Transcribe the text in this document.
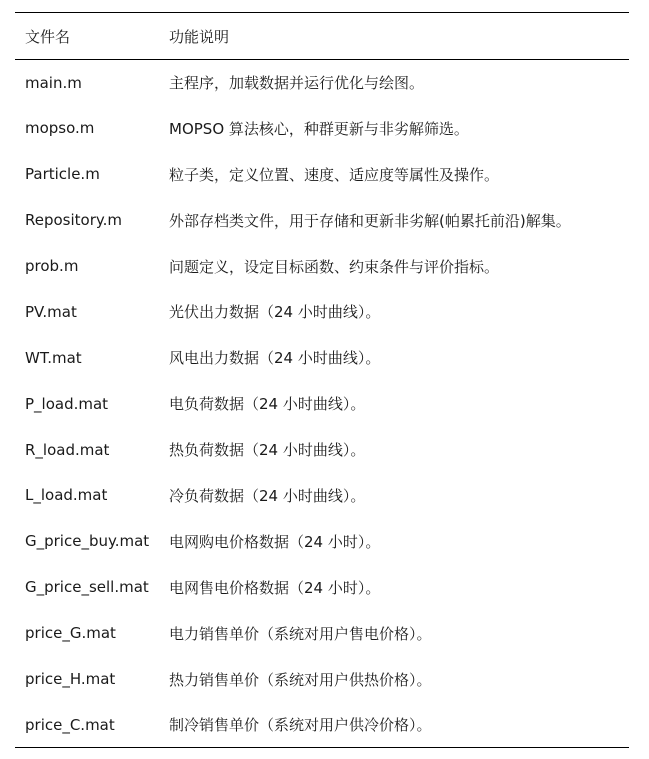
文件名	功能说明
main.m	主程序，加载数据并运行优化与绘图。
mopso.m	MOPSO 算法核心，种群更新与非劣解筛选。
Particle.m	粒子类，定义位置、速度、适应度等属性及操作。
Repository.m	外部存档类文件，用于存储和更新非劣解(帕累托前沿)解集。
prob.m	问题定义，设定目标函数、约束条件与评价指标。
PV.mat	光伏出力数据（24 小时曲线）。
WT.mat	风电出力数据（24 小时曲线）。
P_load.mat	电负荷数据（24 小时曲线）。
R_load.mat	热负荷数据（24 小时曲线）。
L_load.mat	冷负荷数据（24 小时曲线）。
G_price_buy.mat	电网购电价格数据（24 小时）。
G_price_sell.mat	电网售电价格数据（24 小时）。
price_G.mat	电力销售单价（系统对用户售电价格）。
price_H.mat	热力销售单价（系统对用户供热价格）。
price_C.mat	制冷销售单价（系统对用户供冷价格）。
